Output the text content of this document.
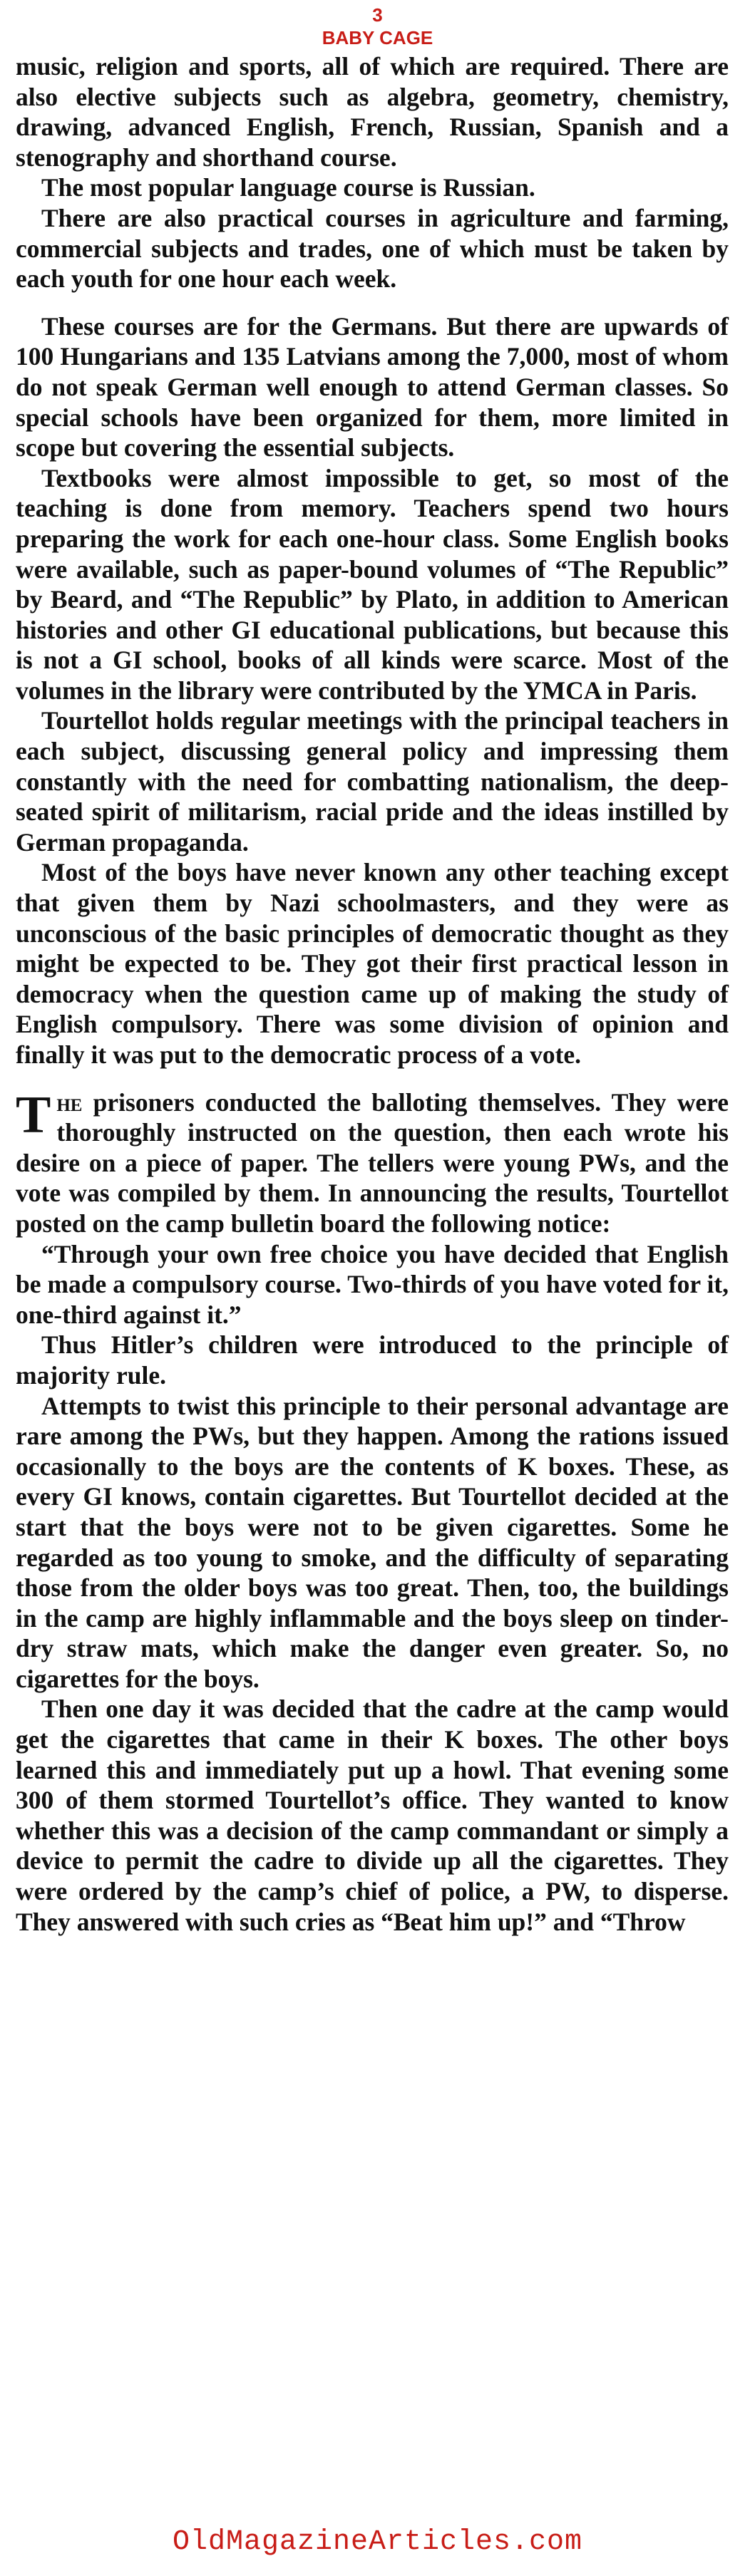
3
BABY CAGE

music, religion and sports, all of which are required. There are also elective subjects such as algebra, geometry, chemistry, drawing, advanced English, French, Russian, Spanish and a stenography and shorthand course.

The most popular language course is Russian.

There are also practical courses in agriculture and farming, commercial subjects and trades, one of which must be taken by each youth for one hour each week.

These courses are for the Germans. But there are upwards of 100 Hungarians and 135 Latvians among the 7,000, most of whom do not speak German well enough to attend German classes. So special schools have been organized for them, more limited in scope but covering the essential subjects.

Textbooks were almost impossible to get, so most of the teaching is done from memory. Teachers spend two hours preparing the work for each one-hour class. Some English books were available, such as paper-bound volumes of “The Republic” by Beard, and “The Republic” by Plato, in addition to American histories and other GI educational publications, but because this is not a GI school, books of all kinds were scarce. Most of the volumes in the library were contributed by the YMCA in Paris.

Tourtellot holds regular meetings with the principal teachers in each subject, discussing general policy and impressing them constantly with the need for combatting nationalism, the deep-seated spirit of militarism, racial pride and the ideas instilled by German propaganda.

Most of the boys have never known any other teaching except that given them by Nazi schoolmasters, and they were as unconscious of the basic principles of democratic thought as they might be expected to be. They got their first practical lesson in democracy when the question came up of making the study of English compulsory. There was some division of opinion and finally it was put to the democratic process of a vote.

The prisoners conducted the balloting themselves. They were thoroughly instructed on the question, then each wrote his desire on a piece of paper. The tellers were young PWs, and the vote was compiled by them. In announcing the results, Tourtellot posted on the camp bulletin board the following notice:

“Through your own free choice you have decided that English be made a compulsory course. Two-thirds of you have voted for it, one-third against it.”

Thus Hitler’s children were introduced to the principle of majority rule.

Attempts to twist this principle to their personal advantage are rare among the PWs, but they happen. Among the rations issued occasionally to the boys are the contents of K boxes. These, as every GI knows, contain cigarettes. But Tourtellot decided at the start that the boys were not to be given cigarettes. Some he regarded as too young to smoke, and the difficulty of separating those from the older boys was too great. Then, too, the buildings in the camp are highly inflammable and the boys sleep on tinder-dry straw mats, which make the danger even greater. So, no cigarettes for the boys.

Then one day it was decided that the cadre at the camp would get the cigarettes that came in their K boxes. The other boys learned this and immediately put up a howl. That evening some 300 of them stormed Tourtellot’s office. They wanted to know whether this was a decision of the camp commandant or simply a device to permit the cadre to divide up all the cigarettes. They were ordered by the camp’s chief of police, a PW, to disperse. They answered with such cries as “Beat him up!” and “Throw

OldMagazineArticles.com
